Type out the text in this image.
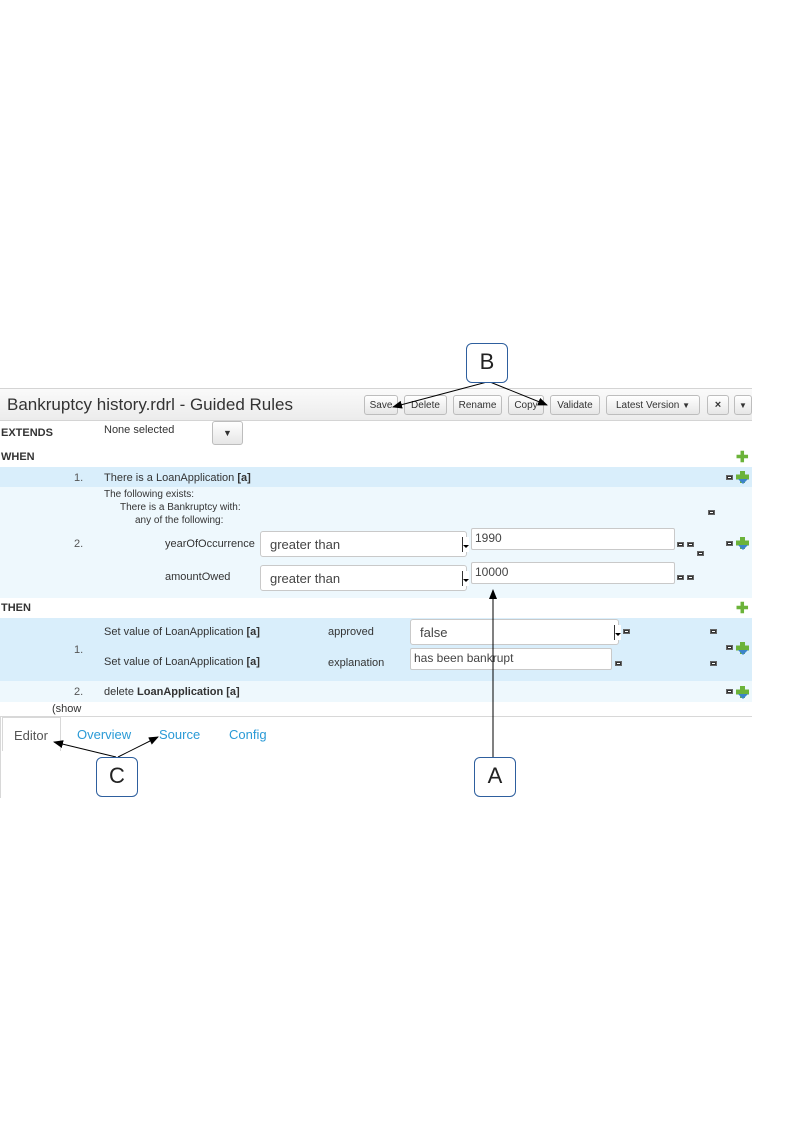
Bankruptcy history.rdrl - Guided Rules	Save	Delete	Rename	Copy	Validate	Latest Version ▼	×	▼
EXTENDS	None selected	▼
WHEN	✚
1. There is a LoanApplication [a]
The following exists:
There is a Bankruptcy with:
any of the following:
2.	yearOfOccurrence	greater than	1990
amountOwed	greater than	10000
THEN	✚
1.
Set value of LoanApplication [a]	approved	false
Set value of LoanApplication [a]	explanation	has been bankrupt
2. delete LoanApplication [a]
(show
Editor	Overview Source Config
B
A
C
